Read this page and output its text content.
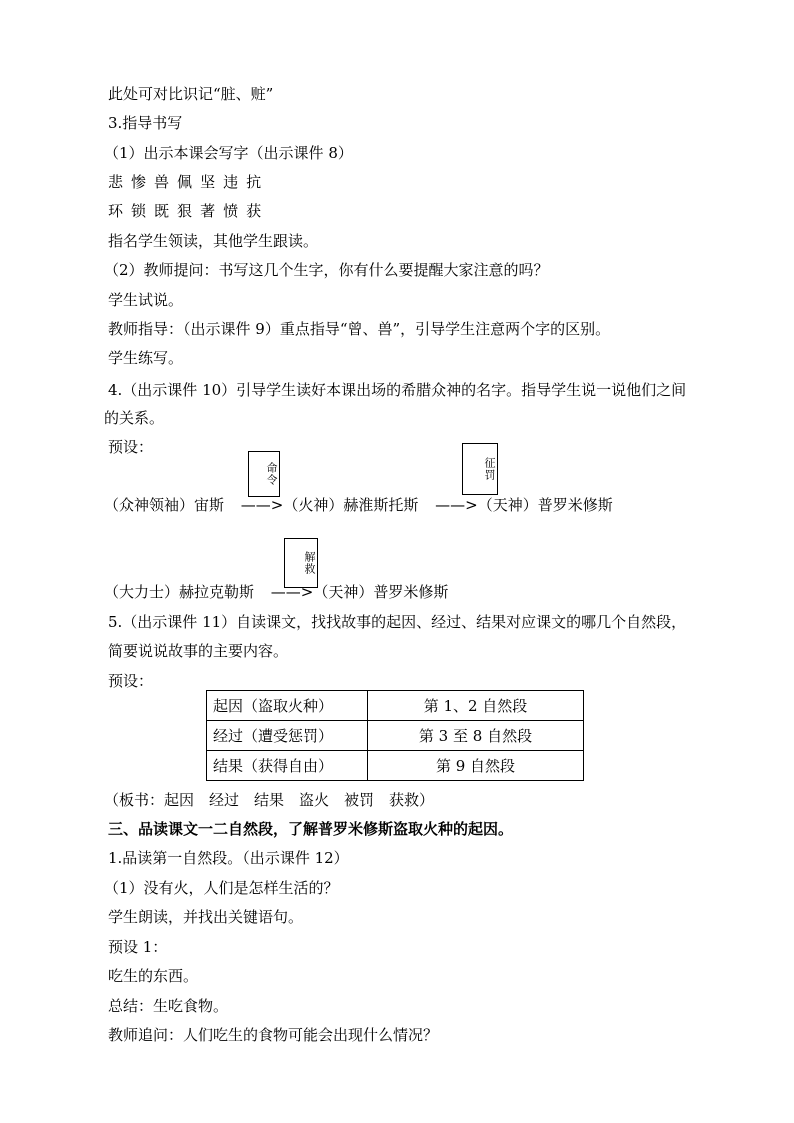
此处可对比识记“脏、赃”
3.指导书写
（1）出示本课会写字（出示课件 8）
悲 惨 兽 佩 坚 违 抗
环 锁 既 狠 著 愤 获
指名学生领读，其他学生跟读。
（2）教师提问：书写这几个生字，你有什么要提醒大家注意的吗？
学生试说。
教师指导：（出示课件 9）重点指导“曾、兽”，引导学生注意两个字的区别。
学生练写。
4.（出示课件 10）引导学生读好本课出场的希腊众神的名字。指导学生说一说他们之间
的关系。
预设：
命令	征罚
（众神领袖）宙斯 ——>（火神）赫淮斯托斯 ——>（天神）普罗米修斯
解救
（大力士）赫拉克勒斯 ——>（天神）普罗米修斯
5.（出示课件 11）自读课文，找找故事的起因、经过、结果对应课文的哪几个自然段，
简要说说故事的主要内容。
预设：
起因（盗取火种）	第 1、2 自然段
经过（遭受惩罚）	第 3 至 8 自然段
结果（获得自由）	第 9 自然段
（板书：起因　经过　结果　盗火　被罚　获救）
三、品读课文一二自然段，了解普罗米修斯盗取火种的起因。
1.品读第一自然段。（出示课件 12）
（1）没有火，人们是怎样生活的？
学生朗读，并找出关键语句。
预设 1：
吃生的东西。
总结：生吃食物。
教师追问：人们吃生的食物可能会出现什么情况？
